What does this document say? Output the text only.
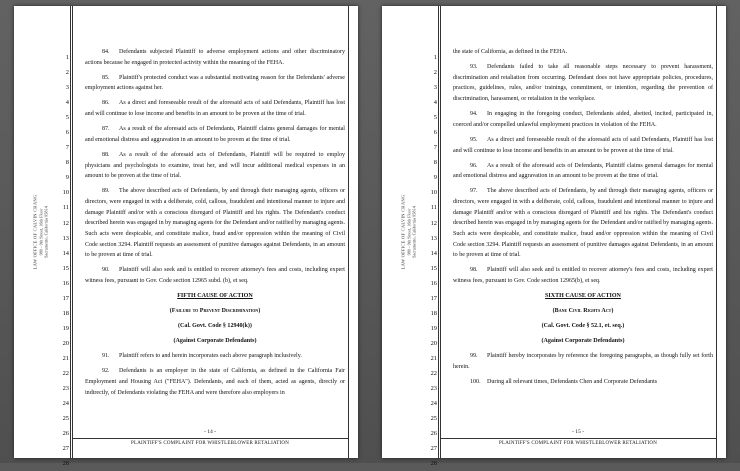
LAW OFFICE OF CALVIN CHANG 980 - 9th Street, 16th Floor Sacramento, California 95814
1
2
3
4
5
6
7
8
9
10
11
12
13
14
15
16
17
18
19
20
21
22
23
24
25
26
27
28
84. Defendants subjected Plaintiff to adverse employment actions and other discriminatory actions because he engaged in protected activity within the meaning of the FEHA.
85. Plaintiff's protected conduct was a substantial motivating reason for the Defendants' adverse employment actions against her.
86. As a direct and foreseeable result of the aforesaid acts of said Defendants, Plaintiff has lost and will continue to lose income and benefits in an amount to be proven at the time of trial.
87. As a result of the aforesaid acts of Defendants, Plaintiff claims general damages for mental and emotional distress and aggravation in an amount to be proven at the time of trial.
88. As a result of the aforesaid acts of Defendants, Plaintiff will be required to employ physicians and psychologists to examine, treat her, and will incur additional medical expenses in an amount to be proven at the time of trial.
89. The above described acts of Defendants, by and through their managing agents, officers or directors, were engaged in with a deliberate, cold, callous, fraudulent and intentional manner to injure and damage Plaintiff and/or with a conscious disregard of Plaintiff and his rights. The Defendant's conduct described herein was engaged in by managing agents for the Defendant and/or ratified by managing agents. Such acts were despicable, and constitute malice, fraud and/or oppression within the meaning of Civil Code section 3294. Plaintiff requests an assessment of punitive damages against Defendants, in an amount to be proven at time of trial.
90. Plaintiff will also seek and is entitled to recover attorney's fees and costs, including expert witness fees, pursuant to Gov. Code section 12965 subd. (b), et seq.
FIFTH CAUSE OF ACTION
(Failure to Prevent Discrimination)
(Cal. Govt. Code § 12940(k))
(Against Corporate Defendants)
91. Plaintiff refers to and herein incorporates each above paragraph inclusively.
92. Defendants is an employer in the state of California, as defined in the California Fair Employment and Housing Act ("FEHA"). Defendants, and each of them, acted as agents, directly or indirectly, of Defendants violating the FEHA and were therefore also employers in
- 14 -
PLAINTIFF'S COMPLAINT FOR WHISTLEBLOWER RETALIATION
LAW OFFICE OF CALVIN CHANG 980 - 9th Street, 16th Floor Sacramento, California 95814
1
2
3
4
5
6
7
8
9
10
11
12
13
14
15
16
17
18
19
20
21
22
23
24
25
26
27
28
the state of California, as defined in the FEHA.
93. Defendants failed to take all reasonable steps necessary to prevent harassment, discrimination and retaliation from occurring. Defendant does not have appropriate policies, procedures, practices, guidelines, rules, and/or trainings, commitment, or intention, regarding the prevention of discrimination, harassment, or retaliation in the workplace.
94. In engaging in the foregoing conduct, Defendants aided, abetted, incited, participated in, coerced and/or compelled unlawful employment practices in violation of the FEHA.
95. As a direct and foreseeable result of the aforesaid acts of said Defendants, Plaintiff has lost and will continue to lose income and benefits in an amount to be proven at the time of trial.
96. As a result of the aforesaid acts of Defendants, Plaintiff claims general damages for mental and emotional distress and aggravation in an amount to be proven at the time of trial.
97. The above described acts of Defendants, by and through their managing agents, officers or directors, were engaged in with a deliberate, cold, callous, fraudulent and intentional manner to injure and damage Plaintiff and/or with a conscious disregard of Plaintiff and his rights. The Defendant's conduct described herein was engaged in by managing agents for the Defendant and/or ratified by managing agents. Such acts were despicable, and constitute malice, fraud and/or oppression within the meaning of Civil Code section 3294. Plaintiff requests an assessment of punitive damages against Defendants, in an amount to be proven at time of trial.
98. Plaintiff will also seek and is entitled to recover attorney's fees and costs, including expert witness fees, pursuant to Gov. Code section 12965(b), et seq.
SIXTH CAUSE OF ACTION
(Bane Civil Rights Act)
(Cal. Govt. Code § 52.1, et. seq.)
(Against Corporate Defendants)
99. Plaintiff hereby incorporates by reference the foregoing paragraphs, as though fully set forth herein.
100. During all relevant times, Defendants Chen and Corporate Defendants
- 15 -
PLAINTIFF'S COMPLAINT FOR WHISTLEBLOWER RETALIATION
